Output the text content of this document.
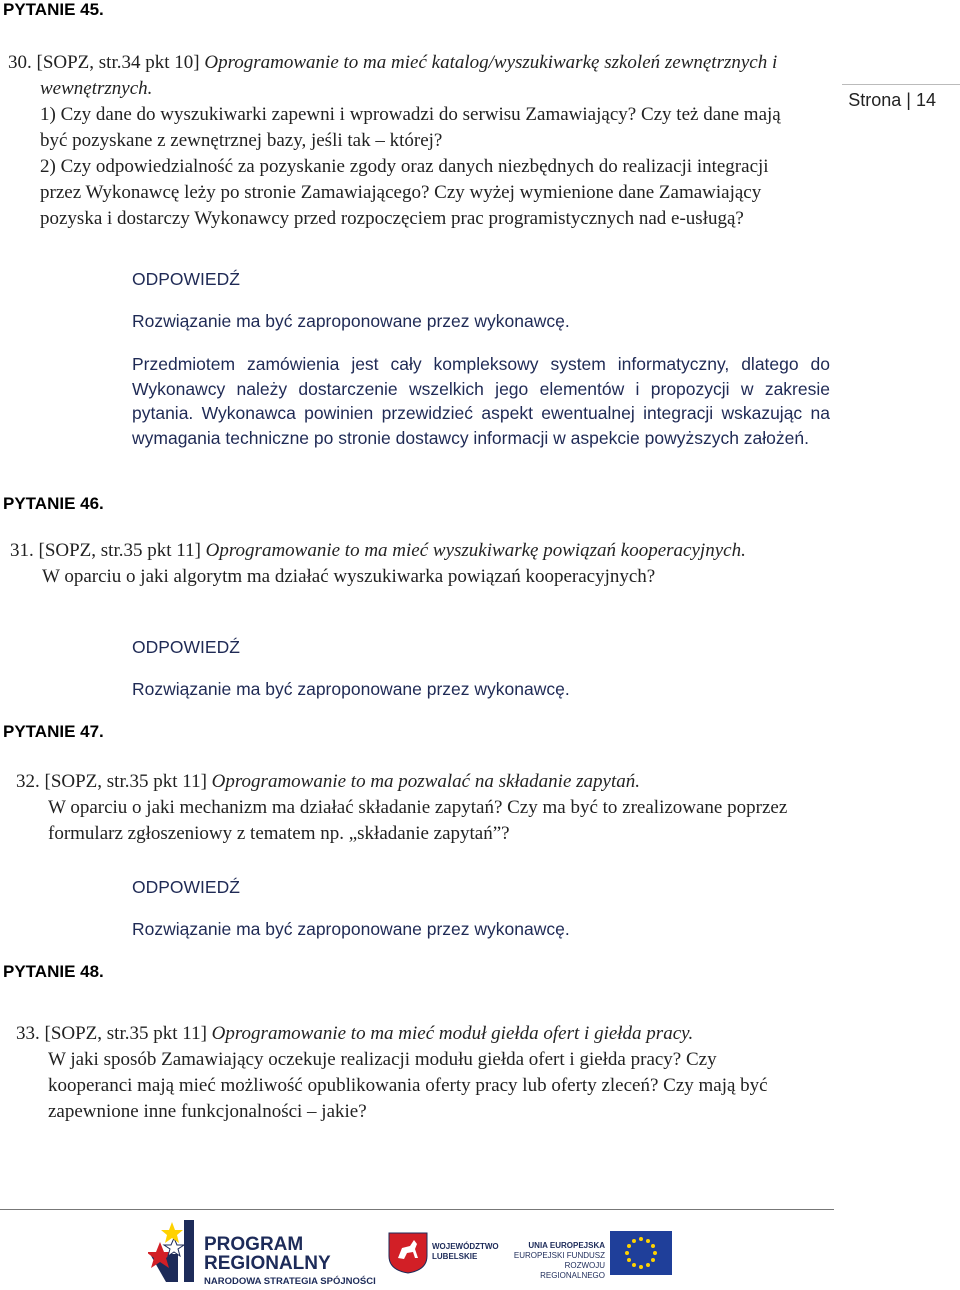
Strona | 14
PYTANIE 45.
30. [SOPZ, str.34 pkt 10] Oprogramowanie to ma mieć katalog/wyszukiwarkę szkoleń zewnętrznych i
wewnętrznych.
1) Czy dane do wyszukiwarki zapewni i wprowadzi do serwisu Zamawiający? Czy też dane mają
być pozyskane z zewnętrznej bazy, jeśli tak – której?
2) Czy odpowiedzialność za pozyskanie zgody oraz danych niezbędnych do realizacji integracji
przez Wykonawcę leży po stronie Zamawiającego? Czy wyżej wymienione dane Zamawiający
pozyska i dostarczy Wykonawcy przed rozpoczęciem prac programistycznych nad e-usługą?
ODPOWIEDŹ
Rozwiązanie ma być zaproponowane przez wykonawcę.
Przedmiotem zamówienia jest cały kompleksowy system informatyczny, dlatego do Wykonawcy należy dostarczenie wszelkich jego elementów i propozycji w zakresie pytania. Wykonawca powinien przewidzieć aspekt ewentualnej integracji wskazując na wymagania techniczne po stronie dostawcy informacji w aspekcie powyższych założeń.
PYTANIE 46.
31. [SOPZ, str.35 pkt 11] Oprogramowanie to ma mieć wyszukiwarkę powiązań kooperacyjnych.
W oparciu o jaki algorytm ma działać wyszukiwarka powiązań kooperacyjnych?
ODPOWIEDŹ
Rozwiązanie ma być zaproponowane przez wykonawcę.
PYTANIE 47.
32. [SOPZ, str.35 pkt 11] Oprogramowanie to ma pozwalać na składanie zapytań.
W oparciu o jaki mechanizm ma działać składanie zapytań? Czy ma być to zrealizowane poprzez
formularz zgłoszeniowy z tematem np. „składanie zapytań”?
ODPOWIEDŹ
Rozwiązanie ma być zaproponowane przez wykonawcę.
PYTANIE 48.
33. [SOPZ, str.35 pkt 11] Oprogramowanie to ma mieć moduł giełda ofert i giełda pracy.
W jaki sposób Zamawiający oczekuje realizacji modułu giełda ofert i giełda pracy? Czy
kooperanci mają mieć możliwość opublikowania oferty pracy lub oferty zleceń? Czy mają być
zapewnione inne funkcjonalności – jakie?
PROGRAM
REGIONALNY
NARODOWA STRATEGIA SPÓJNOŚCI
WOJEWÓDZTWO
LUBELSKIE
UNIA EUROPEJSKA
EUROPEJSKI FUNDUSZ
ROZWOJU REGIONALNEGO
